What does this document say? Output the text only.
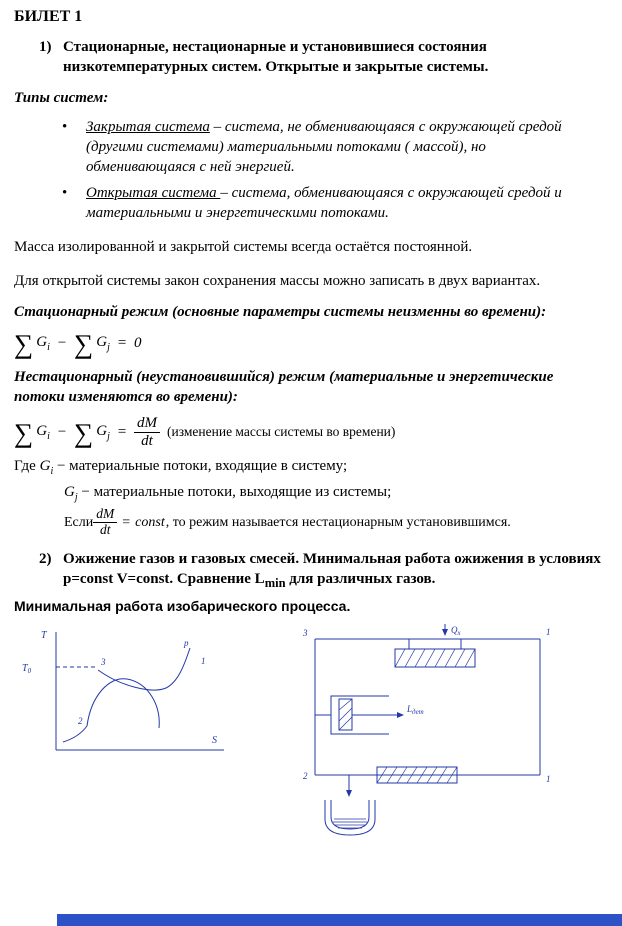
БИЛЕТ 1
1) Стационарные, нестационарные и установившиеся состояния низкотемпературных систем. Открытые и закрытые системы.
Типы систем:
•	Закрытая система – система, не обменивающаяся с окружающей средой (другими системами) материальными потоками ( массой), но обменивающаяся с ней энергией.
•	Открытая система – система, обменивающаяся с окружающей средой и материальными и энергетическими потоками.

Масса изолированной и закрытой системы всегда остаётся постоянной.

Для открытой системы закон сохранения массы можно записать в двух вариантах.

Стационарный режим (основные параметры системы неизменны во времени):
∑ $G_i$ − ∑ $G_j = 0$
Нестационарный (неустановившийся) режим (материальные и энергетические потоки изменяются во времени):
∑ $G_i$ − ∑ $G_j = \frac{dM}{dt}$ (изменение массы системы во времени)

Где $G_i$ − материальные потоки, входящие в систему;

$G_j$ − материальные потоки, выходящие из системы;

Если $\frac{dM}{dt}$ = const , то режим называется нестационарным установившимся.
2) Ожижение газов и газовых смесей. Минимальная работа ожижения в условиях p=const V=const. Сравнение $L_{min}$ для различных газов.
Минимальная работа изобарического процесса.
T
$T_0$
S
3
p
1
2
3	1
2	1
$Q_x$
$L_{дет}$
